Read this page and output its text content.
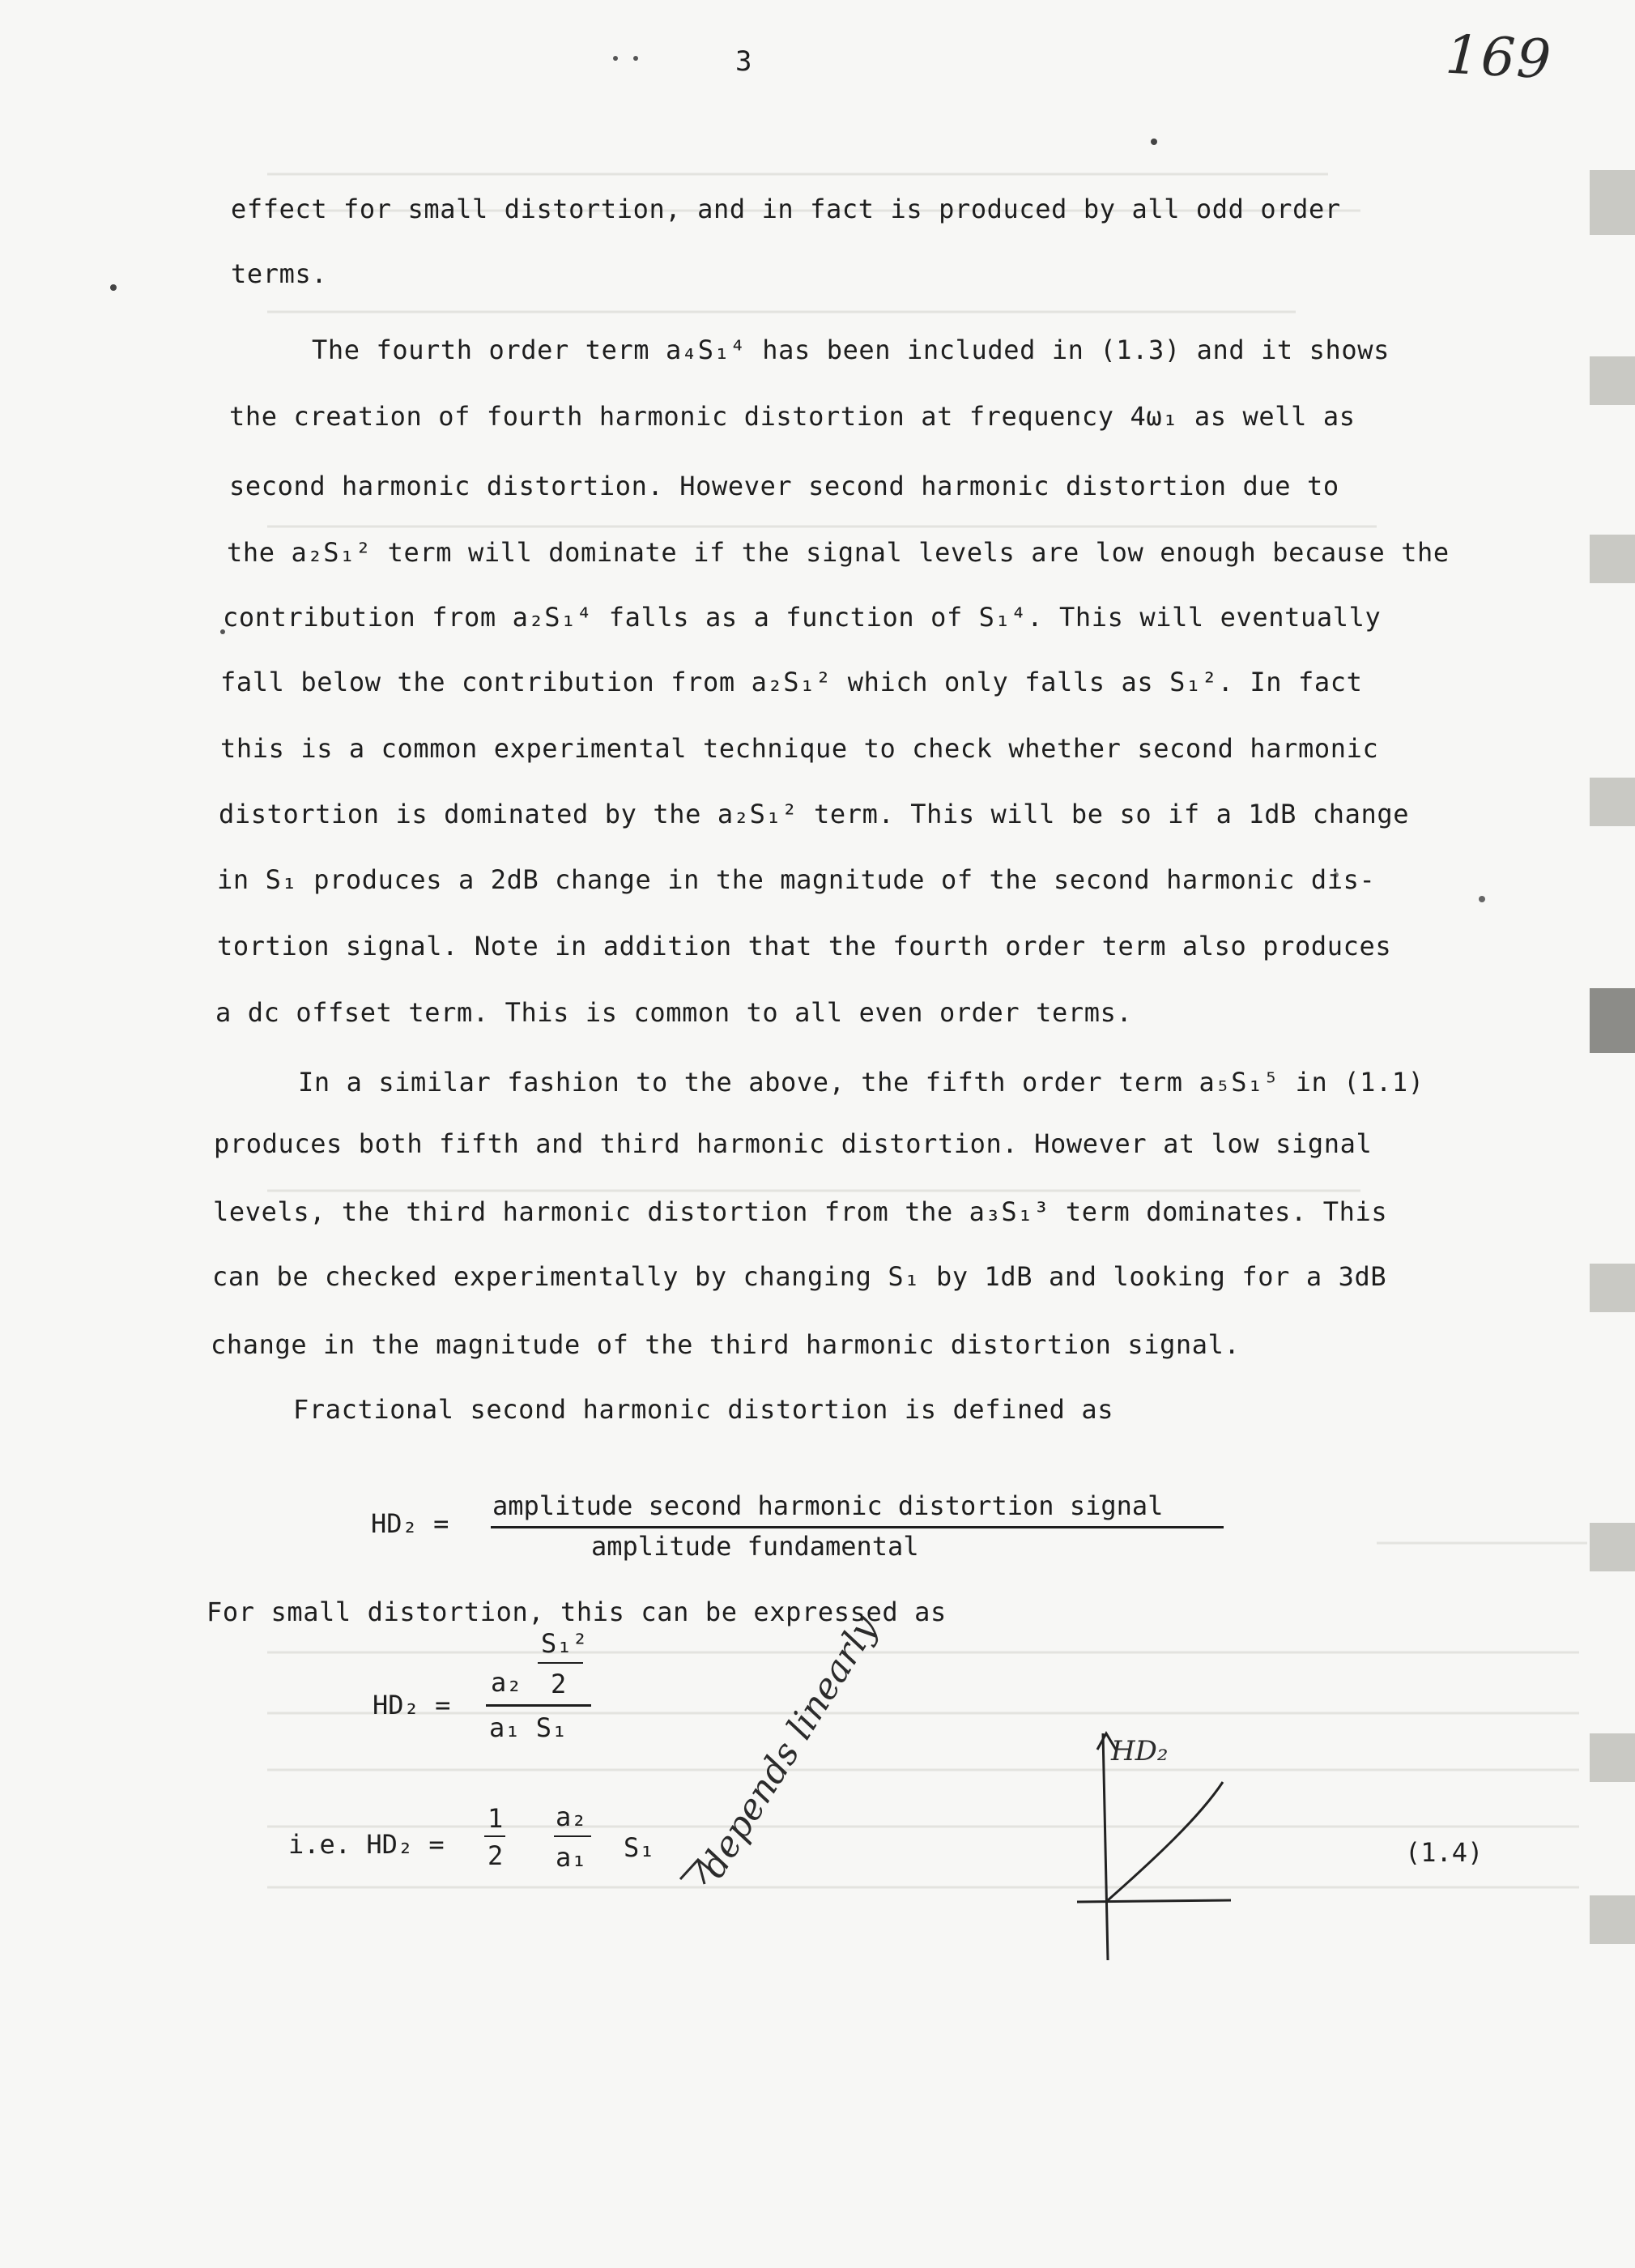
3	169
effect for small distortion, and in fact is produced by all odd order
terms.
The fourth order term a₄S₁⁴ has been included in (1.3) and it shows
the creation of fourth harmonic distortion at frequency 4ω₁ as well as
second harmonic distortion. However second harmonic distortion due to
the a₂S₁² term will dominate if the signal levels are low enough because the
contribution from a₂S₁⁴ falls as a function of S₁⁴. This will eventually
fall below the contribution from a₂S₁² which only falls as S₁². In fact
this is a common experimental technique to check whether second harmonic
distortion is dominated by the a₂S₁² term. This will be so if a 1dB change
in S₁ produces a 2dB change in the magnitude of the second harmonic dis-
tortion signal. Note in addition that the fourth order term also produces
a dc offset term. This is common to all even order terms.
In a similar fashion to the above, the fifth order term a₅S₁⁵ in (1.1)
produces both fifth and third harmonic distortion. However at low signal
levels, the third harmonic distortion from the a₃S₁³ term dominates. This
can be checked experimentally by changing S₁ by 1dB and looking for a 3dB
change in the magnitude of the third harmonic distortion signal.
Fractional second harmonic distortion is defined as
HD₂ =
amplitude second harmonic distortion signal
amplitude fundamental
For small distortion, this can be expressed as
HD₂ =
a₂
S₁²
2
a₁ S₁
i.e. HD₂ =
1
2
a₂
a₁ S₁	(1.4)
depends linearly	HD₂
